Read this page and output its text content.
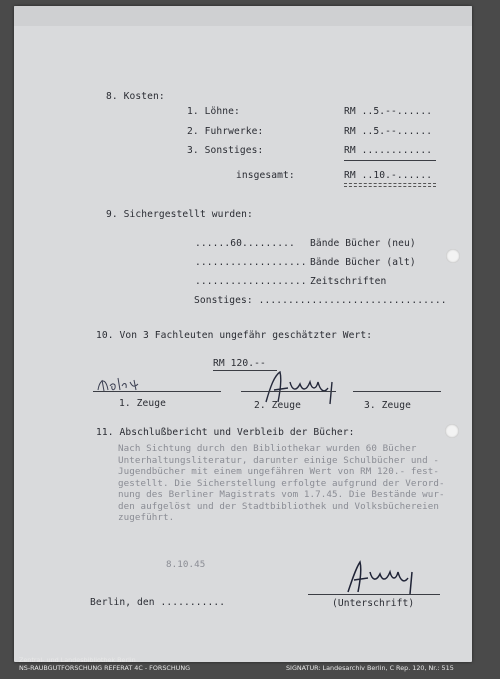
8. Kosten:
1. Löhne:	RM ..5.--......
2. Fuhrwerke:	RM ..5.--......
3. Sonstiges:	RM ............
insgesamt:	RM ..10.-......
9. Sichergestellt wurden:
......60......... Bände Bücher (neu)
................... Bände Bücher (alt)
................... Zeitschriften
Sonstiges: ................................
10. Von 3 Fachleuten ungefähr geschätzter Wert:
RM 120.--
1. Zeuge	2. Zeuge	3. Zeuge
11. Abschlußbericht und Verbleib der Bücher:
Nach Sichtung durch den Bibliothekar wurden 60 Bücher
Unterhaltungsliteratur, darunter einige Schulbücher und -
Jugendbücher mit einem ungefähren Wert von RM 120.- fest-
gestellt. Die Sicherstellung erfolgte aufgrund der Verord-
nung des Berliner Magistrats vom 1.7.45. Die Bestände wur-
den aufgelöst und der Stadtbibliothek und Volksbüchereien
zugeführt.
8.10.45
Berlin, den ...........	(Unterschrift)
Zentral- und Landesbibliothek Berlin
NS-RAUBGUTFORSCHUNG REFERAT 4C - FORSCHUNG	SIGNATUR: Landesarchiv Berlin, C Rep. 120, Nr.: 515
